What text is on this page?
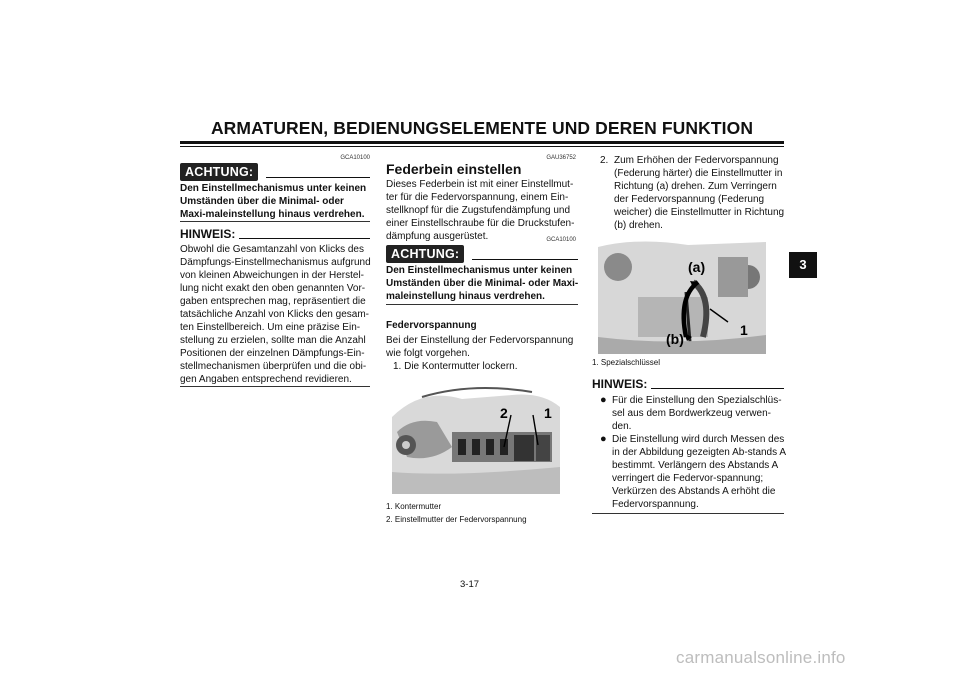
ARMATUREN, BEDIENUNGSELEMENTE UND DEREN FUNKTION
3
GCA10100
ACHTUNG:
Den Einstellmechanismus unter keinen Umständen über die Minimal- oder Maxi-maleinstellung hinaus verdrehen.
HINWEIS:
Obwohl die Gesamtanzahl von Klicks des Dämpfungs-Einstellmechanismus aufgrund von kleinen Abweichungen in der Herstel-lung nicht exakt den oben genannten Vor-gaben entsprechen mag, repräsentiert die tatsächliche Anzahl von Klicks den gesam-ten Einstellbereich. Um eine präzise Ein-stellung zu erzielen, sollte man die Anzahl Positionen der einzelnen Dämpfungs-Ein-stellmechanismen überprüfen und die obi-gen Angaben entsprechend revidieren.
GAU36752
Federbein einstellen
Dieses Federbein ist mit einer Einstellmut-ter für die Federvorspannung, einem Ein-stellknopf für die Zugstufendämpfung und einer Einstellschraube für die Druckstufen-dämpfung ausgerüstet.	GCA10100
ACHTUNG:
Den Einstellmechanismus unter keinen Umständen über die Minimal- oder Maxi-maleinstellung hinaus verdrehen.
Federvorspannung
Bei der Einstellung der Federvorspannung wie folgt vorgehen.
1. Die Kontermutter lockern.
2	1
1. Kontermutter
2. Einstellmutter der Federvorspannung
2. Zum Erhöhen der Federvorspannung (Federung härter) die Einstellmutter in Richtung (a) drehen. Zum Verringern der Federvorspannung (Federung weicher) die Einstellmutter in Richtung (b) drehen.
(a)
(b)
1
1. Spezialschlüssel
HINWEIS:
● Für die Einstellung den Spezialschlüs-sel aus dem Bordwerkzeug verwen-den.
● Die Einstellung wird durch Messen des in der Abbildung gezeigten Ab-stands A bestimmt. Verlängern des Abstands A verringert die Federvor-spannung; Verkürzen des Abstands A erhöht die Federvorspannung.
3-17
carmanualsonline.info
